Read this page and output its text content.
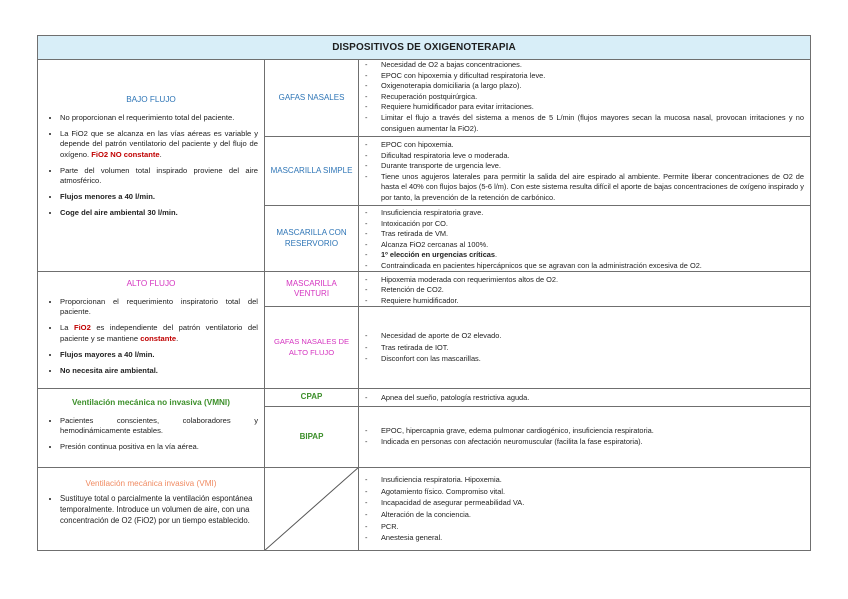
DISPOSITIVOS DE OXIGENOTERAPIA
BAJO FLUJO
• No proporcionan el requerimiento total del paciente.
• La FiO2 que se alcanza en las vías aéreas es variable y depende del patrón ventilatorio del paciente y del flujo de oxígeno. FiO2 NO constante.
• Parte del volumen total inspirado proviene del aire atmosférico.
• Flujos menores a 40 l/min.
• Coge del aire ambiental 30 l/min.
ALTO FLUJO
• Proporcionan el requerimiento inspiratorio total del paciente.
• La FiO2 es independiente del patrón ventilatorio del paciente y se mantiene constante.
• Flujos mayores a 40 l/min.
• No necesita aire ambiental.
Ventilación mecánica no invasiva (VMNI)
• Pacientes conscientes, colaboradores y hemodinámicamente estables.
• Presión continua positiva en la vía aérea.
Ventilación mecánica invasiva (VMI)
• Sustituye total o parcialmente la ventilación espontánea temporalmente. Introduce un volumen de aire, con una concentración de O2 (FiO2) por un tiempo establecido.
GAFAS NASALES
MASCARILLA SIMPLE
MASCARILLA CON RESERVORIO
MASCARILLA VENTURI
GAFAS NASALES DE ALTO FLUJO
CPAP
BIPAP
- Necesidad de O2 a bajas concentraciones.
- EPOC con hipoxemia y dificultad respiratoria leve.
- Oxigenoterapia domiciliaria (a largo plazo).
- Recuperación postquirúrgica.
- Requiere humidificador para evitar irritaciones.
- Limitar el flujo a través del sistema a menos de 5 L/min (flujos mayores secan la mucosa nasal, provocan irritaciones y no consiguen aumentar la FiO2).
- EPOC con hipoxemia.
- Dificultad respiratoria leve o moderada.
- Durante transporte de urgencia leve.
- Tiene unos agujeros laterales para permitir la salida del aire espirado al ambiente. Permite liberar concentraciones de O2 de hasta el 40% con flujos bajos (5-6 l/m). Con este sistema resulta difícil el aporte de bajas concentraciones de oxígeno inspirado y por tanto, la prevención de la retención de carbónico.
- Insuficiencia respiratoria grave.
- Intoxicación por CO.
- Tras retirada de VM.
- Alcanza FiO2 cercanas al 100%.
- 1º elección en urgencias críticas.
- Contraindicada en pacientes hipercápnicos que se agravan con la administración excesiva de O2.
- Hipoxemia moderada con requerimientos altos de O2.
- Retención de CO2.
- Requiere humidificador.
- Necesidad de aporte de O2 elevado.
- Tras retirada de IOT.
- Disconfort con las mascarillas.
- Apnea del sueño, patología restrictiva aguda.
- EPOC, hipercapnia grave, edema pulmonar cardiogénico, insuficiencia respiratoria.
- Indicada en personas con afectación neuromuscular (facilita la fase espiratoria).
- Insuficiencia respiratoria. Hipoxemia.
- Agotamiento físico. Compromiso vital.
- Incapacidad de asegurar permeabilidad VA.
- Alteración de la conciencia.
- PCR.
- Anestesia general.
